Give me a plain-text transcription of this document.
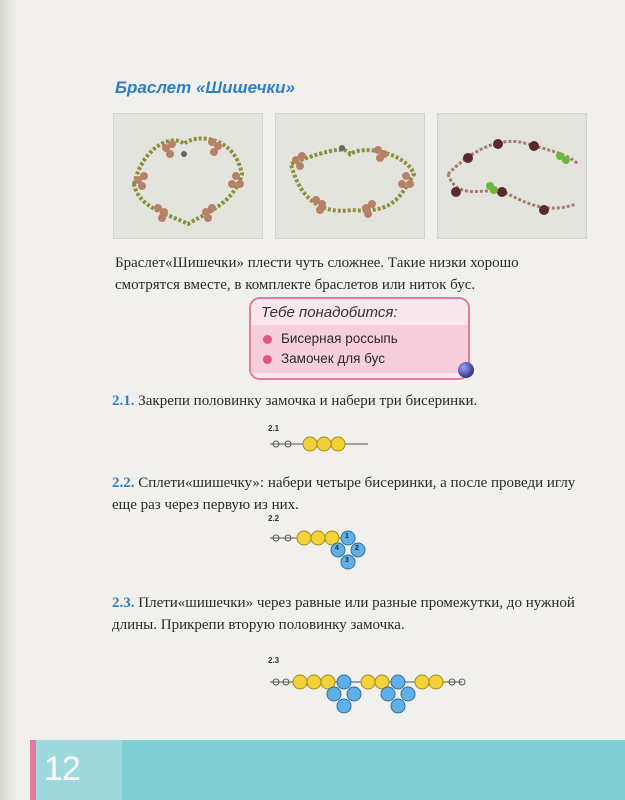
Браслет «Шишечки»
Браслет«Шишечки» плести чуть сложнее. Такие низки хорошо смотрятся вместе, в комплекте браслетов или ниток бус.
Тебе понадобится:
Бисерная россыпь
Замочек для бус
2.1. Закрепи половинку замочка и набери три бисеринки.
2.1
2.2. Сплети«шишечку»: набери четыре бисеринки, а после проведи иглу еще раз через первую из них.
2.2
1
2
3
4
2.3. Плети«шишечки» через равные или разные промежутки, до нужной длины. Прикрепи вторую половинку замочка.
2.3
12
